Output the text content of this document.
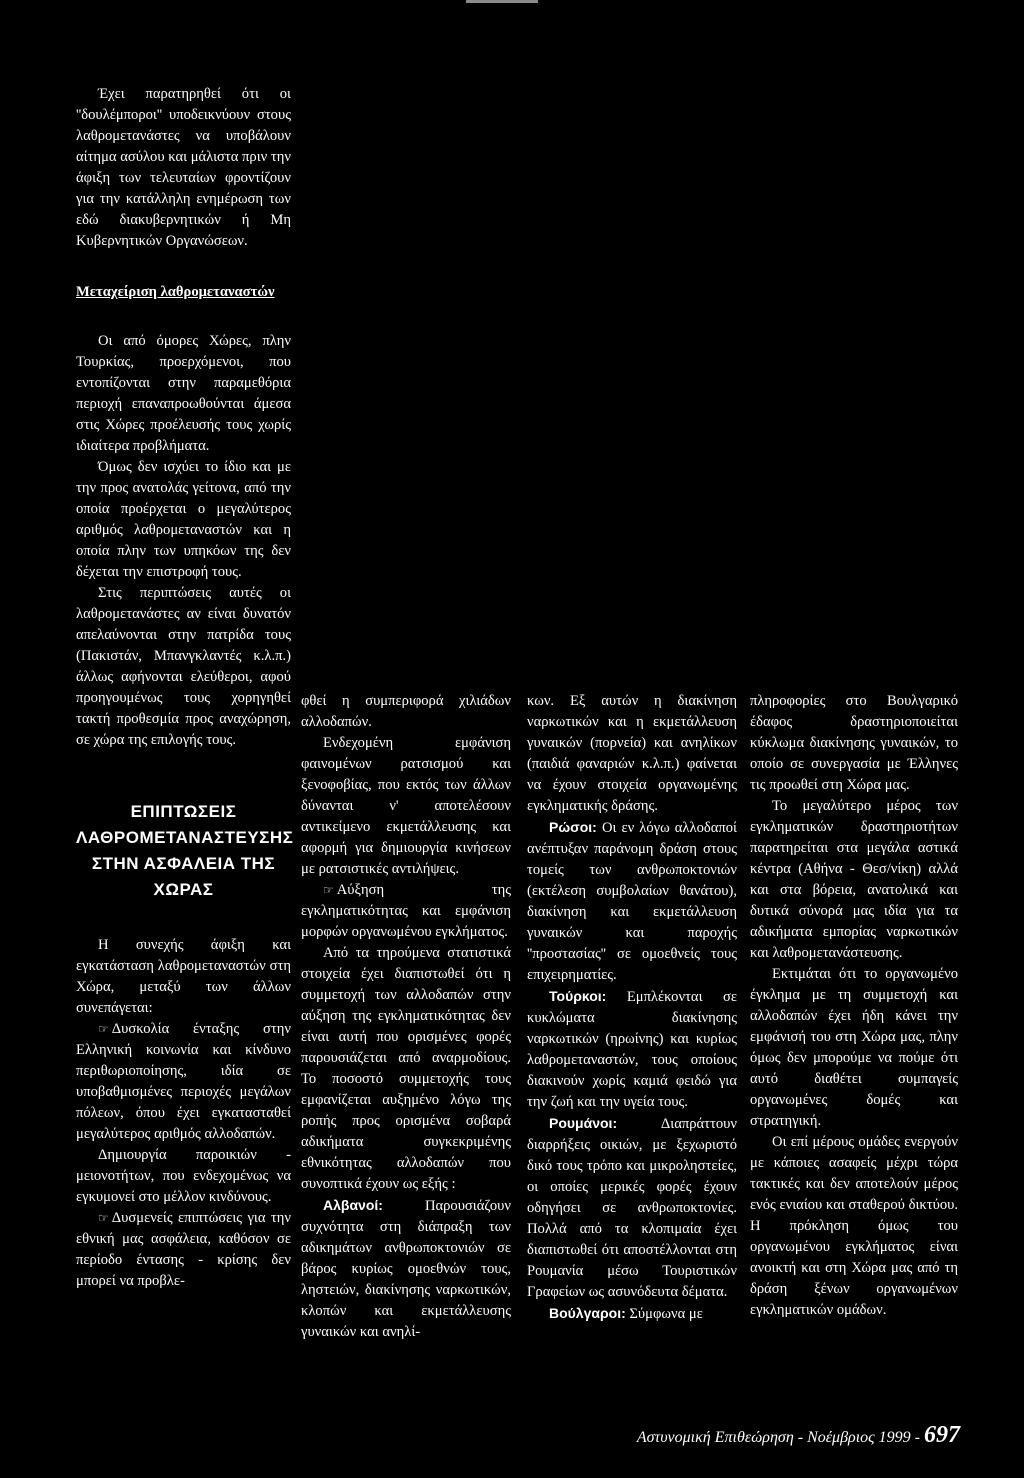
Έχει παρατηρηθεί ότι οι ''δουλέμποροι'' υποδεικνύουν στους λαθρομετανάστες να υποβάλουν αίτημα ασύλου και μάλιστα πριν την άφιξη των τελευταίων φροντίζουν για την κατάλληλη ενημέρωση των εδώ διακυβερνητικών ή Μη Κυβερνητικών Οργανώσεων.

Μεταχείριση λαθρομεταναστών

Οι από όμορες Χώρες, πλην Τουρκίας, προερχόμενοι, που εντοπίζονται στην παραμεθόρια περιοχή επαναπροωθούνται άμεσα στις Χώρες προέλευσής τους χωρίς ιδιαίτερα προβλήματα.

Όμως δεν ισχύει το ίδιο και με την προς ανατολάς γείτονα, από την οποία προέρχεται ο μεγαλύτερος αριθμός λαθρομεταναστών και η οποία πλην των υπηκόων της δεν δέχεται την επιστροφή τους.

Στις περιπτώσεις αυτές οι λαθρομετανάστες αν είναι δυνατόν απελαύνονται στην πατρίδα τους (Πακιστάν, Μπανγκλαντές κ.λ.π.) άλλως αφήνονται ελεύθεροι, αφού προηγουμένως τους χορηγηθεί τακτή προθεσμία προς αναχώρηση, σε χώρα της επιλογής τους.

ΕΠΙΠΤΩΣΕΙΣ ΛΑΘΡΟΜΕΤΑΝΑΣΤΕΥΣΗΣ ΣΤΗΝ ΑΣΦΑΛΕΙΑ ΤΗΣ ΧΩΡΑΣ

Η συνεχής άφιξη και εγκατάσταση λαθρομεταναστών στη Χώρα, μεταξύ των άλλων συνεπάγεται:

☞ Δυσκολία ένταξης στην Ελληνική κοινωνία και κίνδυνο περιθωριοποίησης, ιδία σε υποβαθμισμένες περιοχές μεγάλων πόλεων, όπου έχει εγκατασταθεί μεγαλύτερος αριθμός αλλοδαπών.

Δημιουργία παροικιών - μειονοτήτων, που ενδεχομένως να εγκυμονεί στο μέλλον κινδύνους.

☞ Δυσμενείς επιπτώσεις για την εθνική μας ασφάλεια, καθόσον σε περίοδο έντασης - κρίσης δεν μπορεί να προβλε-

φθεί η συμπεριφορά χιλιάδων αλλοδαπών.

Ενδεχομένη εμφάνιση φαινομένων ρατσισμού και ξενοφοβίας, που εκτός των άλλων δύνανται ν' αποτελέσουν αντικείμενο εκμετάλλευσης και αφορμή για δημιουργία κινήσεων με ρατσιστικές αντιλήψεις.

☞ Αύξηση της εγκληματικότητας και εμφάνιση μορφών οργανωμένου εγκλήματος.

Από τα τηρούμενα στατιστικά στοιχεία έχει διαπιστωθεί ότι η συμμετοχή των αλλοδαπών στην αύξηση της εγκληματικότητας δεν είναι αυτή που ορισμένες φορές παρουσιάζεται από αναρμοδίους. Το ποσοστό συμμετοχής τους εμφανίζεται αυξημένο λόγω της ροπής προς ορισμένα σοβαρά αδικήματα συγκεκριμένης εθνικότητας αλλοδαπών που συνοπτικά έχουν ως εξής :

Αλβανοί:	Παρουσιάζουν συχνότητα στη διάπραξη των αδικημάτων ανθρωποκτονιών σε βάρος κυρίως ομοεθνών τους, ληστειών, διακίνησης ναρκωτικών, κλοπών και εκμετάλλευσης γυναικών και ανηλί-

κων. Εξ αυτών η διακίνηση ναρκωτικών και η εκμετάλλευση γυναικών (πορνεία) και ανηλίκων (παιδιά φαναριών κ.λ.π.) φαίνεται να έχουν στοιχεία οργανωμένης εγκληματικής δράσης.

Ρώσοι: Οι εν λόγω αλλοδαποί ανέπτυξαν παράνομη δράση στους τομείς των ανθρωποκτονιών (εκτέλεση συμβολαίων θανάτου), διακίνηση και εκμετάλλευση γυναικών και παροχής ''προστασίας'' σε ομοεθνείς τους επιχειρηματίες.

Τούρκοι: Εμπλέκονται σε κυκλώματα διακίνησης ναρκωτικών (ηρωίνης) και κυρίως λαθρομεταναστών, τους οποίους διακινούν χωρίς καμιά φειδώ για την ζωή και την υγεία τους.

Ρουμάνοι:	Διαπράττουν διαρρήξεις οικιών, με ξεχωριστό δικό τους τρόπο και μικροληστείες, οι οποίες μερικές φορές έχουν οδηγήσει σε ανθρωποκτονίες. Πολλά από τα κλοπιμαία έχει διαπιστωθεί ότι αποστέλλονται στη Ρουμανία μέσω Τουριστικών Γραφείων ως ασυνόδευτα δέματα.

Βούλγαροι: Σύμφωνα με

πληροφορίες στο Βουλγαρικό έδαφος δραστηριοποιείται κύκλωμα διακίνησης γυναικών, το οποίο σε συνεργασία με Έλληνες τις προωθεί στη Χώρα μας.

Το μεγαλύτερο μέρος των εγκληματικών δραστηριοτήτων παρατηρείται στα μεγάλα αστικά κέντρα (Αθήνα - Θεσ/νίκη) αλλά και στα βόρεια, ανατολικά και δυτικά σύνορά μας ιδία για τα αδικήματα εμπορίας ναρκωτικών και λαθρομετανάστευσης.

Εκτιμάται ότι το οργανωμένο έγκλημα με τη συμμετοχή και αλλοδαπών έχει ήδη κάνει την εμφάνισή του στη Χώρα μας, πλην όμως δεν μπορούμε να πούμε ότι αυτό διαθέτει συμπαγείς οργανωμένες δομές και στρατηγική.

Οι επί μέρους ομάδες ενεργούν με κάποιες ασαφείς μέχρι τώρα τακτικές και δεν αποτελούν μέρος ενός ενιαίου και σταθερού δικτύου. Η πρόκληση όμως του οργανωμένου εγκλήματος είναι ανοικτή και στη Χώρα μας από τη δράση ξένων οργανωμένων εγκληματικών ομάδων.

Αστυνομική Επιθεώρηση - Νοέμβριος 1999 - 697
